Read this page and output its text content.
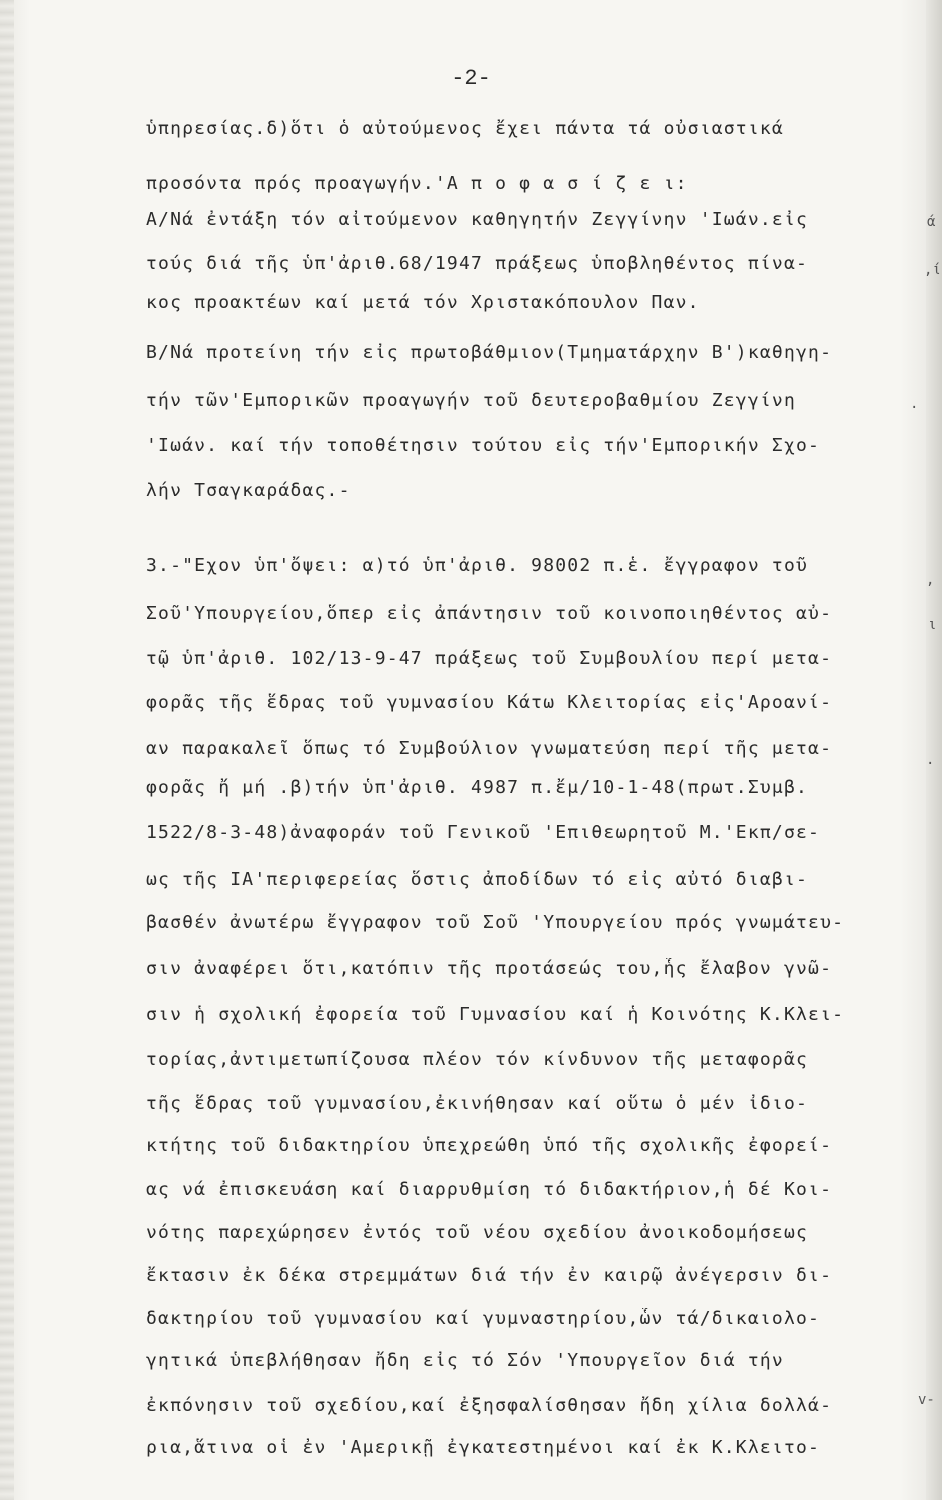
-2-
ὑπηρεσίας.δ)ὅτι ὁ αὐτούμενος ἔχει πάντα τά οὐσιαστικά
προσόντα πρός προαγωγήν.'Α π ο φ α σ ί ζ ε ι:
Α/Νά ἐντάξη τόν αἰτούμενον καθηγητήν Ζεγγίνην 'Ιωάν.εἰς
τούς διά τῆς ὑπ'ἀριθ.68/1947 πράξεως ὑποβληθέντος πίνα-
κος προακτέων καί μετά τόν Χριστακόπουλον Παν.
Β/Νά προτείνη τήν εἰς πρωτοβάθμιον(Τμηματάρχην Β')καθηγη-
τήν τῶν'Εμπορικῶν προαγωγήν τοῦ δευτεροβαθμίου Ζεγγίνη
'Ιωάν. καί τήν τοποθέτησιν τούτου εἰς τήν'Εμπορικήν Σχο-
λήν Τσαγκαράδας.-
3.-"Εχον ὑπ'ὄψει: α)τό ὑπ'ἀριθ. 98002 π.ἑ. ἔγγραφον τοῦ
Σοῦ'Υπουργείου,ὅπερ εἰς ἀπάντησιν τοῦ κοινοποιηθέντος αὐ-
τῷ ὑπ'ἀριθ. 102/13-9-47 πράξεως τοῦ Συμβουλίου περί μετα-
φορᾶς τῆς ἕδρας τοῦ γυμνασίου Κάτω Κλειτορίας εἰς'Αροανί-
αν παρακαλεῖ ὅπως τό Συμβούλιον γνωματεύση περί τῆς μετα-
φορᾶς ἤ μή .β)τήν ὑπ'ἀριθ. 4987 π.ἔμ/10-1-48(πρωτ.Συμβ.
1522/8-3-48)ἀναφοράν τοῦ Γενικοῦ 'Επιθεωρητοῦ Μ.'Εκπ/σε-
ως τῆς ΙΑ'περιφερείας ὅστις ἀποδίδων τό εἰς αὐτό διαβι-
βασθέν ἀνωτέρω ἔγγραφον τοῦ Σοῦ 'Υπουργείου πρός γνωμάτευ-
σιν ἀναφέρει ὅτι,κατόπιν τῆς προτάσεώς του,ἧς ἔλαβον γνῶ-
σιν ἡ σχολική ἐφορεία τοῦ Γυμνασίου καί ἡ Κοινότης Κ.Κλει-
τορίας,ἀντιμετωπίζουσα πλέον τόν κίνδυνον τῆς μεταφορᾶς
τῆς ἕδρας τοῦ γυμνασίου,ἐκινήθησαν καί οὕτω ὁ μέν ἰδιο-
κτήτης τοῦ διδακτηρίου ὑπεχρεώθη ὑπό τῆς σχολικῆς ἐφορεί-
ας νά ἐπισκευάση καί διαρρυθμίση τό διδακτήριον,ἡ δέ Κοι-
νότης παρεχώρησεν ἐντός τοῦ νέου σχεδίου ἀνοικοδομήσεως
ἔκτασιν ἐκ δέκα στρεμμάτων διά τήν ἐν καιρῷ ἀνέγερσιν δι-
δακτηρίου τοῦ γυμνασίου καί γυμναστηρίου,ὧν τά/δικαιολο-
γητικά ὑπεβλήθησαν ἤδη εἰς τό Σόν 'Υπουργεῖον διά τήν
ἐκπόνησιν τοῦ σχεδίου,καί ἐξησφαλίσθησαν ἤδη χίλια δολλά-
ρια,ἅτινα οἱ ἐν 'Αμερικῇ ἐγκατεστημένοι καί ἐκ Κ.Κλειτο-
ά
,ί
.
,
.
ι
v-
